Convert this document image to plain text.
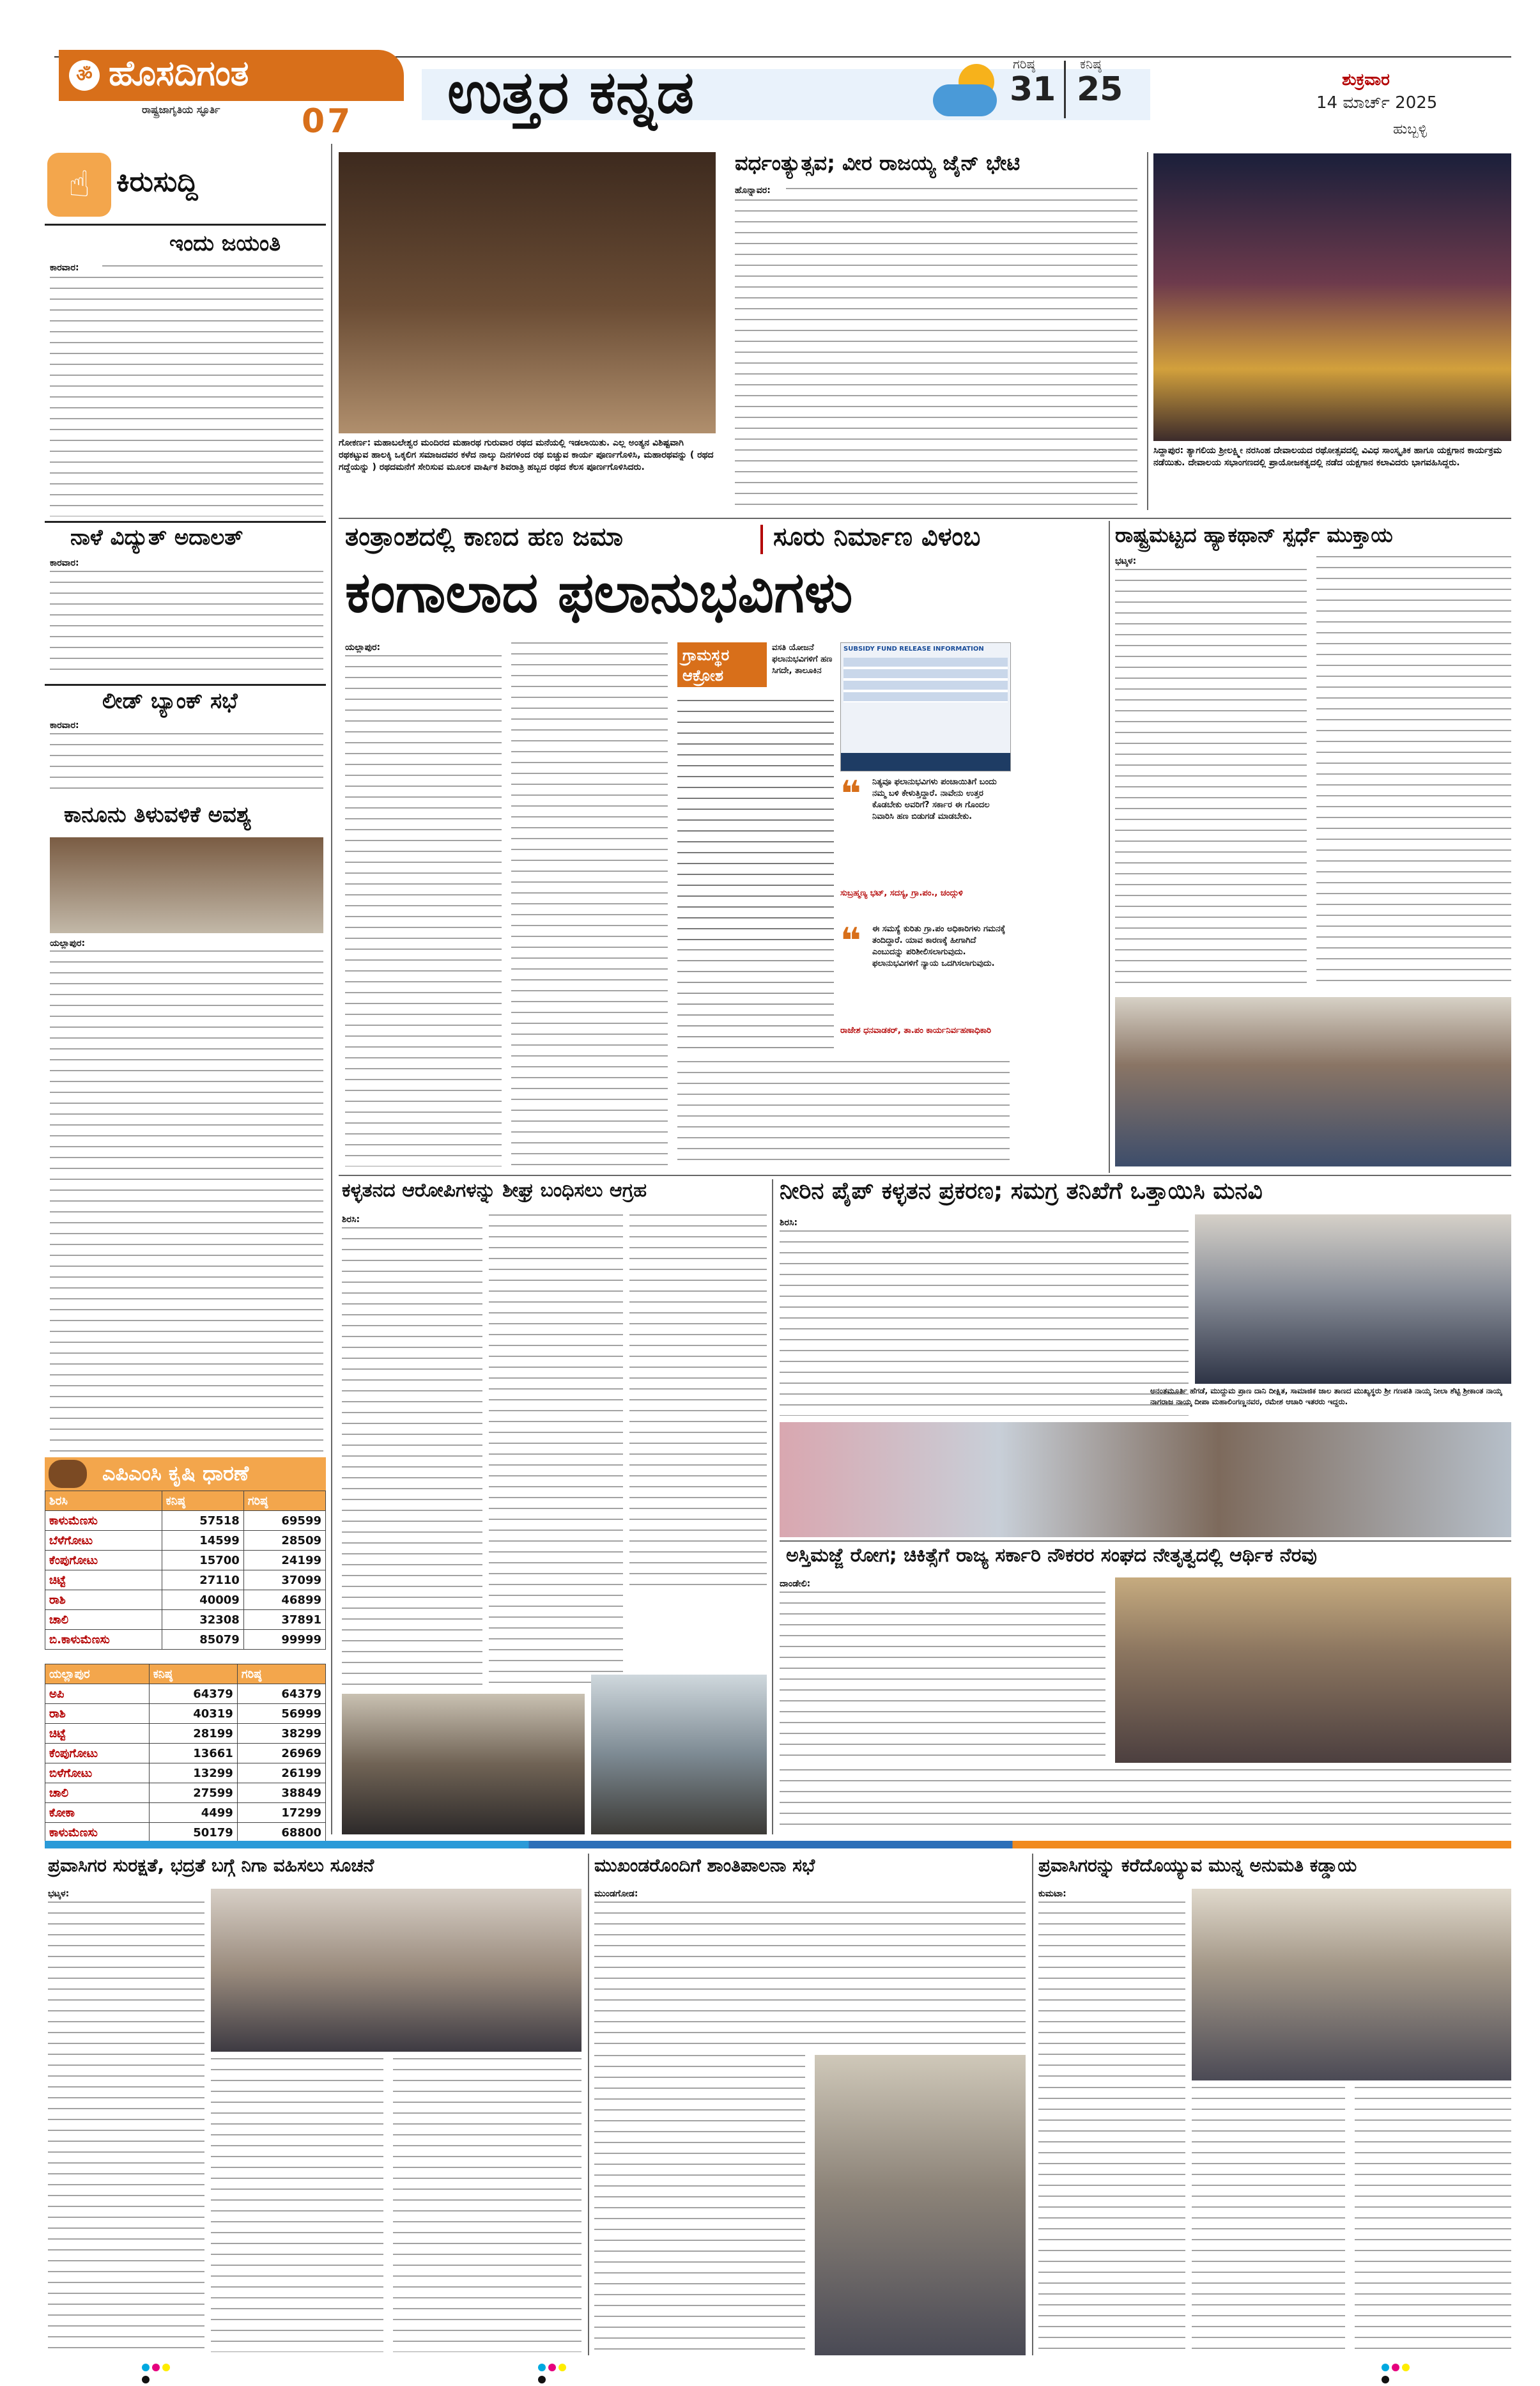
ॐ ಹೊಸದಿಗಂತ
ರಾಷ್ಟ್ರಜಾಗೃತಿಯ ಸ್ಫೂರ್ತಿ 07 ಉತ್ತರ ಕನ್ನಡ	ಗರಿಷ್ಠ
31
ಕನಿಷ್ಠ
25	ಶುಕ್ರವಾರ
14 ಮಾರ್ಚ್ 2025
ಹುಬ್ಬಳ್ಳಿ
☝ ಕಿರುಸುದ್ದಿ
ಇಂದು ಜಯಂತಿ
ಕಾರವಾರ:
ನಾಳೆ ವಿದ್ಯುತ್ ಅದಾಲತ್
ಕಾರವಾರ:
ಲೀಡ್ ಬ್ಯಾಂಕ್ ಸಭೆ
ಕಾರವಾರ:
ಕಾನೂನು ತಿಳುವಳಿಕೆ ಅವಶ್ಯ
ಯಲ್ಲಾಪುರ:
ಎಪಿಎಂಸಿ ಕೃಷಿ ಧಾರಣೆ
ಶಿರಸಿ	ಕನಿಷ್ಠ	ಗರಿಷ್ಠ
ಕಾಳುಮೆಣಸು	57518	69599
ಬೆಳೆಗೋಟು	14599	28509
ಕೆಂಪುಗೋಟು	15700	24199
ಚಿಟ್ಟೆ	27110	37099
ರಾಶಿ	40009	46899
ಚಾಲಿ	32308	37891
ಬಿ.ಕಾಳುಮೆಣಸು	85079	99999
ಯಲ್ಲಾಪುರ	ಕನಿಷ್ಠ	ಗರಿಷ್ಠ
ಅಪಿ	64379	64379
ರಾಶಿ	40319	56999
ಚಿಟ್ಟೆ	28199	38299
ಕೆಂಪುಗೋಟು	13661	26969
ಬಿಳೆಗೋಟು	13299	26199
ಚಾಲಿ	27599	38849
ಕೋಕಾ	4499	17299
ಕಾಳುಮೆಣಸು	50179	68800
ಗೋಕರ್ಣ: ಮಹಾಬಲೇಶ್ವರ ಮಂದಿರದ ಮಹಾರಥ ಗುರುವಾರ ರಥದ ಮನೆಯಲ್ಲಿ ಇಡಲಾಯಿತು. ಎಲ್ಲ ಅಂತ್ಯನ ವಿಶಿಷ್ಟವಾಗಿ ರಥಕಟ್ಟುವ ಹಾಲಕ್ಕಿ ಒಕ್ಕಲಿಗ ಸಮಾಜದವರ ಕಳೆದ ನಾಲ್ಕು ದಿನಗಳಿಂದ ರಥ ಬಿಚ್ಚುವ ಕಾರ್ಯ ಪೂರ್ಣಗೊಳಿಸಿ, ಮಹಾರಥವನ್ನು ( ರಥದ ಗದ್ದೆಯನ್ನು ) ರಥದಮನೆಗೆ ಸೇರಿಸುವ ಮೂಲಕ ವಾರ್ಷಿಕ ಶಿವರಾತ್ರಿ ಹಬ್ಬದ ರಥದ ಕೆಲಸ ಪೂರ್ಣಗೊಳಿಸಿದರು.
ವರ್ಧಂತ್ಯುತ್ಸವ; ವೀರ ರಾಜಯ್ಯ ಜೈನ್ ಭೇಟಿ
ಹೊನ್ನಾವರ:
ಸಿದ್ದಾಪುರ: ತ್ಯಾಗಲಿಯ ಶ್ರೀಲಕ್ಷ್ಮೀ ನರಸಿಂಹ ದೇವಾಲಯದ ರಥೋತ್ಸವದಲ್ಲಿ ವಿವಿಧ ಸಾಂಸ್ಕೃತಿಕ ಹಾಗೂ ಯಕ್ಷಗಾನ ಕಾರ್ಯಕ್ರಮ ನಡೆಯಿತು. ದೇವಾಲಯ ಸಭಾಂಗಣದಲ್ಲಿ ಪ್ರಾಯೋಜಕತ್ವದಲ್ಲಿ ನಡೆದ ಯಕ್ಷಗಾನ ಕಲಾವಿದರು ಭಾಗವಹಿಸಿದ್ದರು.
ತಂತ್ರಾಂಶದಲ್ಲಿ ಕಾಣದ ಹಣ ಜಮಾ	ಸೂರು ನಿರ್ಮಾಣ ವಿಳಂಬ
ಕಂಗಾಲಾದ ಫಲಾನುಭವಿಗಳು
ಯಲ್ಲಾಪುರ:	ಗ್ರಾಮಸ್ಥರ ಆಕ್ರೋಶ
ವಸತಿ ಯೋಜನೆ ಫಲಾನುಭವಿಗಳಿಗೆ ಹಣ ಸಿಗದೇ, ತಾಲೂಕಿನ
SUBSIDY FUND RELEASE INFORMATION
❝ ನಿತ್ಯವೂ ಫಲಾನುಭವಿಗಳು ಪಂಚಾಯಿತಿಗೆ ಬಂದು ನಮ್ಮ ಬಳಿ ಕೇಳುತ್ತಿದ್ದಾರೆ. ನಾವೇನು ಉತ್ತರ ಕೊಡಬೇಕು ಅವರಿಗೆ? ಸರ್ಕಾರ ಈ ಗೊಂದಲ ನಿವಾರಿಸಿ ಹಣ ಬಿಡುಗಡೆ ಮಾಡಬೇಕು.
ಸುಬ್ರಹ್ಮಣ್ಯ ಭಟ್, ಸದಸ್ಯ, ಗ್ರಾ.ಪಂ., ಚಂದ್ಗುಳಿ
❝ ಈ ಸಮಸ್ಯೆ ಕುರಿತು ಗ್ರಾ.ಪಂ ಅಧಿಕಾರಿಗಳು ಗಮನಕ್ಕೆ ತಂದಿದ್ದಾರೆ. ಯಾವ ಕಾರಣಕ್ಕೆ ಹೀಗಾಗಿದೆ ಎಂಬುದನ್ನು ಪರಿಶೀಲಿಸಲಾಗುವುದು. ಫಲಾನುಭವಿಗಳಿಗೆ ನ್ಯಾಯ ಒದಗಿಸಲಾಗುವುದು.
ರಾಜೇಶ ಧನವಾಡಕರ್, ತಾ.ಪಂ ಕಾರ್ಯನಿರ್ವಹಣಾಧಿಕಾರಿ
ರಾಷ್ಟ್ರಮಟ್ಟದ ಹ್ಯಾಕಥಾನ್ ಸ್ಪರ್ಧೆ ಮುಕ್ತಾಯ
ಭಟ್ಕಳ:
ಕಳ್ಳತನದ ಆರೋಪಿಗಳನ್ನು ಶೀಘ್ರ ಬಂಧಿಸಲು ಆಗ್ರಹ
ಶಿರಸಿ:
ನೀರಿನ ಪೈಪ್ ಕಳ್ಳತನ ಪ್ರಕರಣ; ಸಮಗ್ರ ತನಿಖೆಗೆ ಒತ್ತಾಯಿಸಿ ಮನವಿ
ಶಿರಸಿ:
ಅನಂತಮೂರ್ತಿ ಹೆಗಡೆ, ಮುದ್ದುಮ ಪ್ರಾಣ ದಾನಿ ದೀಕ್ಷಿತ, ಸಾಮಾಜಿಕ ಜಾಲ ತಾಣದ ಮುಖ್ಯಸ್ಥರು ಶ್ರೀ ಗಣಪತಿ ನಾಯ್ಕ ನೀಲಾ ಶೆಟ್ಟಿ ಶ್ರೀಕಾಂತ ನಾಯ್ಕ ನಾಗರಾಜ ನಾಯ್ಕ ದೀಪಾ ಮಹಾಲಿಂಗಣ್ಣನವರ, ರಮೇಶ ಆಚಾರಿ ಇತರರು ಇದ್ದರು.
ಅಸ್ತಿಮಜ್ಜೆ ರೋಗ; ಚಿಕಿತ್ಸೆಗೆ ರಾಜ್ಯ ಸರ್ಕಾರಿ ನೌಕರರ ಸಂಘದ ನೇತೃತ್ವದಲ್ಲಿ ಆರ್ಥಿಕ ನೆರವು
ದಾಂಡೇಲಿ:
ಪ್ರವಾಸಿಗರ ಸುರಕ್ಷತೆ, ಭದ್ರತೆ ಬಗ್ಗೆ ನಿಗಾ ವಹಿಸಲು ಸೂಚನೆ
ಭಟ್ಕಳ:
ಮುಖಂಡರೊಂದಿಗೆ ಶಾಂತಿಪಾಲನಾ ಸಭೆ
ಮುಂಡಗೋಡ:
ಪ್ರವಾಸಿಗರನ್ನು ಕರೆದೊಯ್ಯುವ ಮುನ್ನ ಅನುಮತಿ ಕಡ್ಡಾಯ
ಕುಮಟಾ:
